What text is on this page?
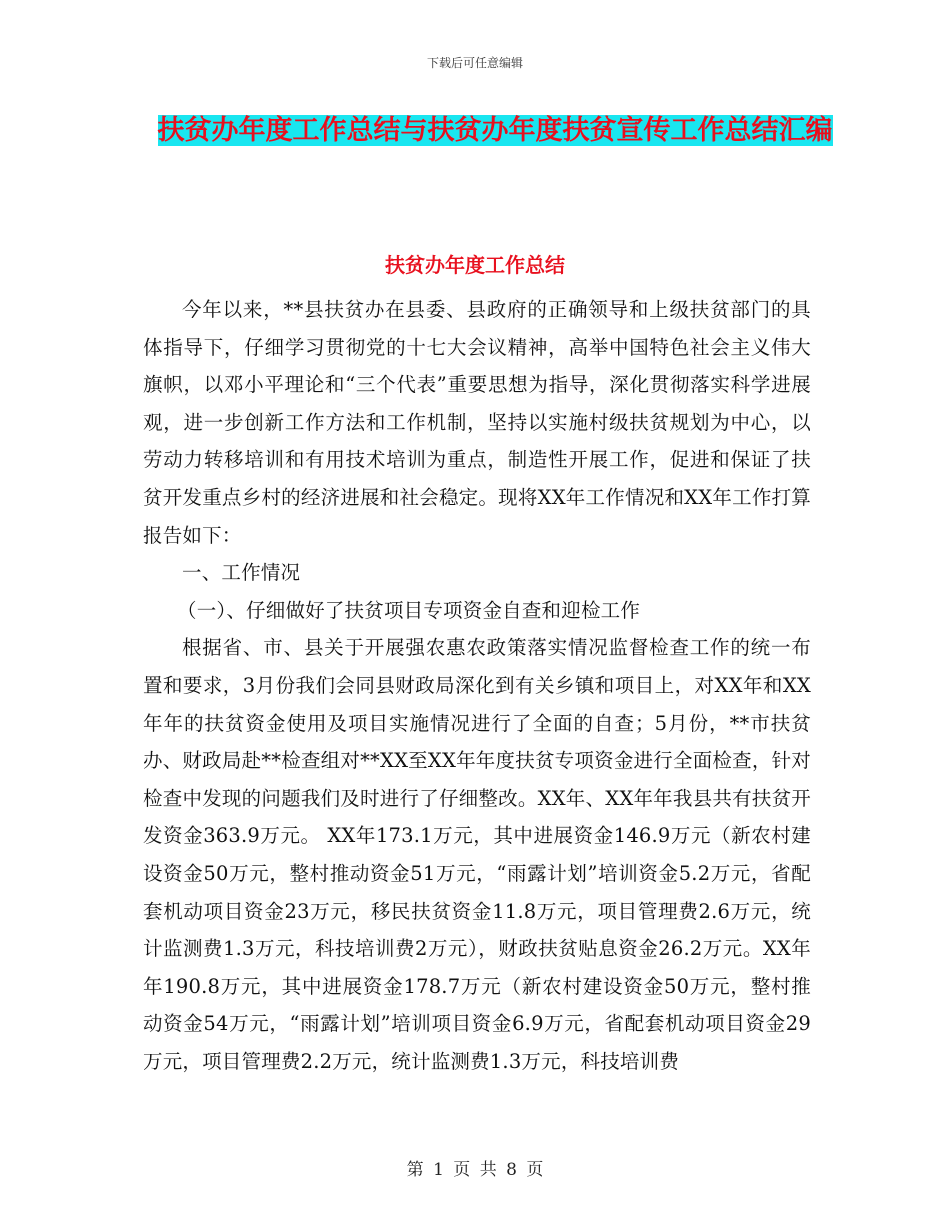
下载后可任意编辑
扶贫办年度工作总结与扶贫办年度扶贫宣传工作总结汇编
扶贫办年度工作总结

今年以来，**县扶贫办在县委、县政府的正确领导和上级扶贫部门的具体指导下，仔细学习贯彻党的十七大会议精神，高举中国特色社会主义伟大旗帜，以邓小平理论和“三个代表”重要思想为指导，深化贯彻落实科学进展观，进一步创新工作方法和工作机制，坚持以实施村级扶贫规划为中心，以劳动力转移培训和有用技术培训为重点，制造性开展工作，促进和保证了扶贫开发重点乡村的经济进展和社会稳定。现将XX年工作情况和XX年工作打算报告如下：

一、工作情况

（一）、仔细做好了扶贫项目专项资金自查和迎检工作

根据省、市、县关于开展强农惠农政策落实情况监督检查工作的统一布置和要求，3月份我们会同县财政局深化到有关乡镇和项目上，对XX年和XX年年的扶贫资金使用及项目实施情况进行了全面的自查；5月份，**市扶贫办、财政局赴**检查组对**XX至XX年年度扶贫专项资金进行全面检查，针对检查中发现的问题我们及时进行了仔细整改。XX年、XX年年我县共有扶贫开发资金363.9万元。 XX年173.1万元，其中进展资金146.9万元（新农村建设资金50万元，整村推动资金51万元，“雨露计划”培训资金5.2万元，省配套机动项目资金23万元，移民扶贫资金11.8万元，项目管理费2.6万元，统计监测费1.3万元，科技培训费2万元），财政扶贫贴息资金26.2万元。XX年年190.8万元，其中进展资金178.7万元（新农村建设资金50万元，整村推动资金54万元，“雨露计划”培训项目资金6.9万元，省配套机动项目资金29万元，项目管理费2.2万元，统计监测费1.3万元，科技培训费

第 1 页 共 8 页
